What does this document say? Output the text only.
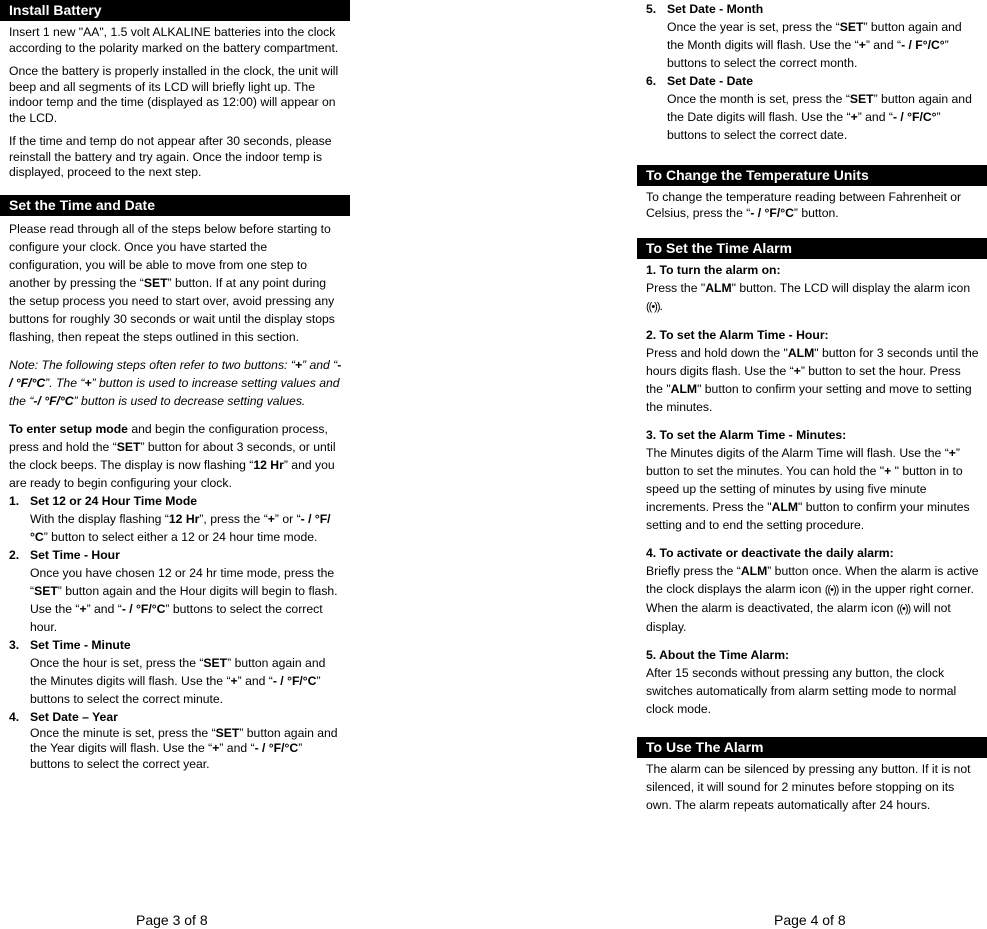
Install Battery

Insert 1 new "AA", 1.5 volt ALKALINE batteries into the clock according to the polarity marked on the battery compartment.

Once the battery is properly installed in the clock, the unit will beep and all segments of its LCD will briefly light up. The indoor temp and the time (displayed as 12:00) will appear on the LCD.

If the time and temp do not appear after 30 seconds, please reinstall the battery and try again. Once the indoor temp is displayed, proceed to the next step.

Set the Time and Date

Please read through all of the steps below before starting to configure your clock. Once you have started the configuration, you will be able to move from one step to another by pressing the “SET” button. If at any point during the setup process you need to start over, avoid pressing any buttons for roughly 30 seconds or wait until the display stops flashing, then repeat the steps outlined in this section.

Note: The following steps often refer to two buttons: “+” and “- / °F/°C”. The “+” button is used to increase setting values and the “-/ °F/°C” button is used to decrease setting values.

To enter setup mode and begin the configuration process, press and hold the “SET” button for about 3 seconds, or until the clock beeps. The display is now flashing “12 Hr” and you are ready to begin configuring your clock.

1. Set 12 or 24 Hour Time Mode
With the display flashing “12 Hr”, press the “+” or “- / °F/°C” button to select either a 12 or 24 hour time mode.
2. Set Time - Hour
Once you have chosen 12 or 24 hr time mode, press the “SET” button again and the Hour digits will begin to flash. Use the “+” and “- / °F/°C” buttons to select the correct hour.
3. Set Time - Minute
Once the hour is set, press the “SET” button again and the Minutes digits will flash. Use the “+” and “- / °F/°C” buttons to select the correct minute.
4. Set Date – Year
Once the minute is set, press the “SET” button again and the Year digits will flash. Use the “+” and “- / °F/°C” buttons to select the correct year.
Page 3 of 8
5. Set Date - Month
Once the year is set, press the “SET” button again and the Month digits will flash. Use the “+” and “- / F°/C°” buttons to select the correct month.
6. Set Date - Date
Once the month is set, press the “SET” button again and the Date digits will flash. Use the “+” and “- / °F/C°” buttons to select the correct date.
To Change the Temperature Units

To change the temperature reading between Fahrenheit or Celsius, press the “- / °F/°C” button.

To Set the Time Alarm
1. To turn the alarm on:
Press the "ALM" button. The LCD will display the alarm icon ((•)).
2. To set the Alarm Time - Hour:
Press and hold down the "ALM" button for 3 seconds until the hours digits flash. Use the “+” button to set the hour. Press the "ALM" button to confirm your setting and move to setting the minutes.
3. To set the Alarm Time - Minutes:
The Minutes digits of the Alarm Time will flash. Use the “+” button to set the minutes. You can hold the "+ " button in to speed up the setting of minutes by using five minute increments. Press the "ALM" button to confirm your minutes setting and to end the setting procedure.
4. To activate or deactivate the daily alarm:
Briefly press the “ALM” button once. When the alarm is active the clock displays the alarm icon ((•)) in the upper right corner. When the alarm is deactivated, the alarm icon ((•)) will not display.
5. About the Time Alarm:
After 15 seconds without pressing any button, the clock switches automatically from alarm setting mode to normal clock mode.
To Use The Alarm

The alarm can be silenced by pressing any button. If it is not silenced, it will sound for 2 minutes before stopping on its own. The alarm repeats automatically after 24 hours.

Page 4 of 8
